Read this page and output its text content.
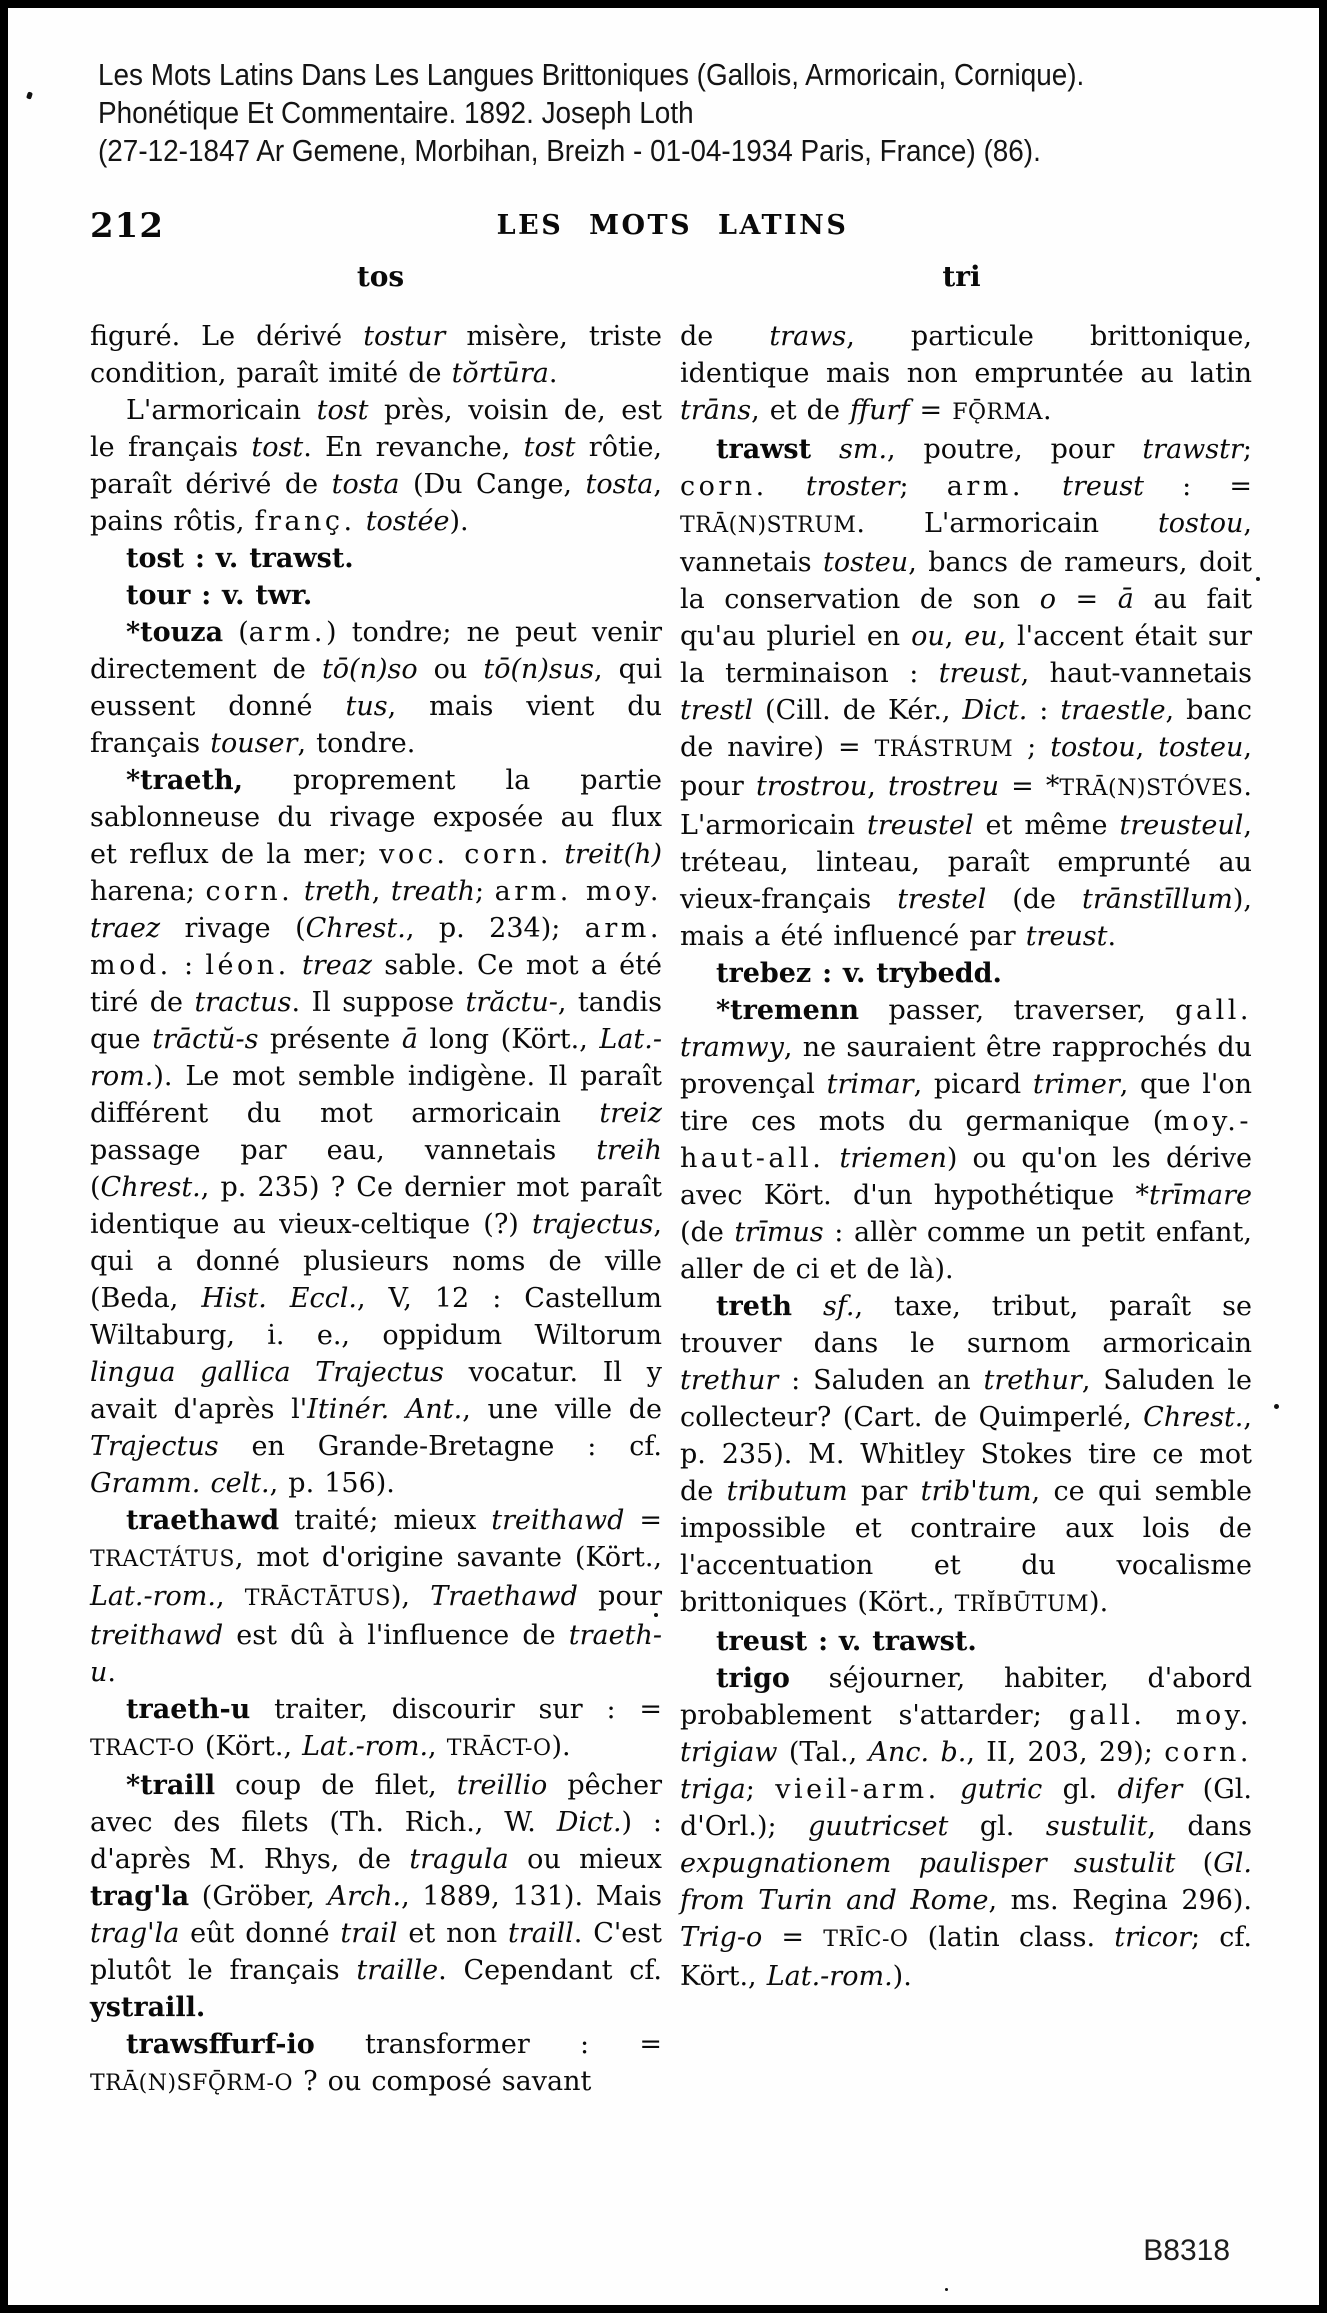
Les Mots Latins Dans Les Langues Brittoniques (Gallois, Armoricain, Cornique).
Phonétique Et Commentaire. 1892. Joseph Loth
(27-12-1847 Ar Gemene, Morbihan, Breizh - 01-04-1934 Paris, France) (86).
212	LES MOTS LATINS
tos	tri

figuré. Le dérivé tostur misère, triste condition, paraît imité de tŏrtūra.

L'armoricain tost près, voisin de, est le français tost. En revanche, tost rôtie, paraît dérivé de tosta (Du Cange, tosta, pains rôtis, franç. tostée).

tost : v. trawst.

tour : v. twr.

*touza (arm.) tondre; ne peut venir directement de tō(n)so ou tō(n)sus, qui eussent donné tus, mais vient du français touser, tondre.

*traeth, proprement la partie sablonneuse du rivage exposée au flux et reflux de la mer; voc. corn. treit(h) harena; corn. treth, treath; arm. moy. traez rivage (Chrest., p. 234); arm. mod. : léon. treaz sable. Ce mot a été tiré de tractus. Il suppose trăctu-, tandis que trāctŭ-s présente ā long (Kört., Lat.-rom.). Le mot semble indigène. Il paraît différent du mot armoricain treiz passage par eau, vannetais treih (Chrest., p. 235) ? Ce dernier mot paraît identique au vieux-celtique (?) trajectus, qui a donné plusieurs noms de ville (Beda, Hist. Eccl., V, 12 : Castellum Wiltaburg, i. e., oppidum Wiltorum lingua gallica Trajectus vocatur. Il y avait d'après l'Itinér. Ant., une ville de Trajectus en Grande-Bretagne : cf. Gramm. celt., p. 156).

traethawd traité; mieux treithawd = TRACTÁTUS, mot d'origine savante (Kört., Lat.-rom., TRĀCTĀTUS), Traethawd pour treithawd est dû à l'influence de traeth-u.

traeth-u traiter, discourir sur : = TRACT-O (Kört., Lat.-rom., TRĀCT-O).

*traill coup de filet, treillio pêcher avec des filets (Th. Rich., W. Dict.) : d'après M. Rhys, de tragula ou mieux trag'la (Gröber, Arch., 1889, 131). Mais trag'la eût donné trail et non traill. C'est plutôt le français traille. Cependant cf. ystraill.

trawsffurf-io transformer : = TRĀ(N)SFǬRM-O ? ou composé savant

de traws, particule brittonique, identique mais non empruntée au latin trāns, et de ffurf = FǬRMA.

trawst sm., poutre, pour trawstr; corn. troster; arm. treust : = TRĀ(N)STRUM. L'armoricain tostou, vannetais tosteu, bancs de rameurs, doit la conservation de son o = ā au fait qu'au pluriel en ou, eu, l'accent était sur la terminaison : treust, haut-vannetais trestl (Cill. de Kér., Dict. : traestle, banc de navire) = TRÁSTRUM ; tostou, tosteu, pour trostrou, trostreu = *TRĀ(N)STÓVES. L'armoricain treustel et même treusteul, tréteau, linteau, paraît emprunté au vieux-français trestel (de trānstīllum), mais a été influencé par treust.

trebez : v. trybedd.

*tremenn passer, traverser, gall. tramwy, ne sauraient être rapprochés du provençal trimar, picard trimer, que l'on tire ces mots du germanique (moy.-haut-all. triemen) ou qu'on les dérive avec Kört. d'un hypothétique *trīmare (de trīmus : allèr comme un petit enfant, aller de ci et de là).

treth sf., taxe, tribut, paraît se trouver dans le surnom armoricain trethur : Saluden an trethur, Saluden le collecteur? (Cart. de Quimperlé, Chrest., p. 235). M. Whitley Stokes tire ce mot de tributum par trib'tum, ce qui semble impossible et contraire aux lois de l'accentuation et du vocalisme brittoniques (Kört., TRĬBŪTUM).

treust : v. trawst.

trigo séjourner, habiter, d'abord probablement s'attarder; gall. moy. trigiaw (Tal., Anc. b., II, 203, 29); corn. triga; vieil-arm. gutric gl. difer (Gl. d'Orl.); guutricset gl. sustulit, dans expugnationem paulisper sustulit (Gl. from Turin and Rome, ms. Regina 296). Trig-o = TRĪC-O (latin class. tricor; cf. Kört., Lat.-rom.).

B8318
